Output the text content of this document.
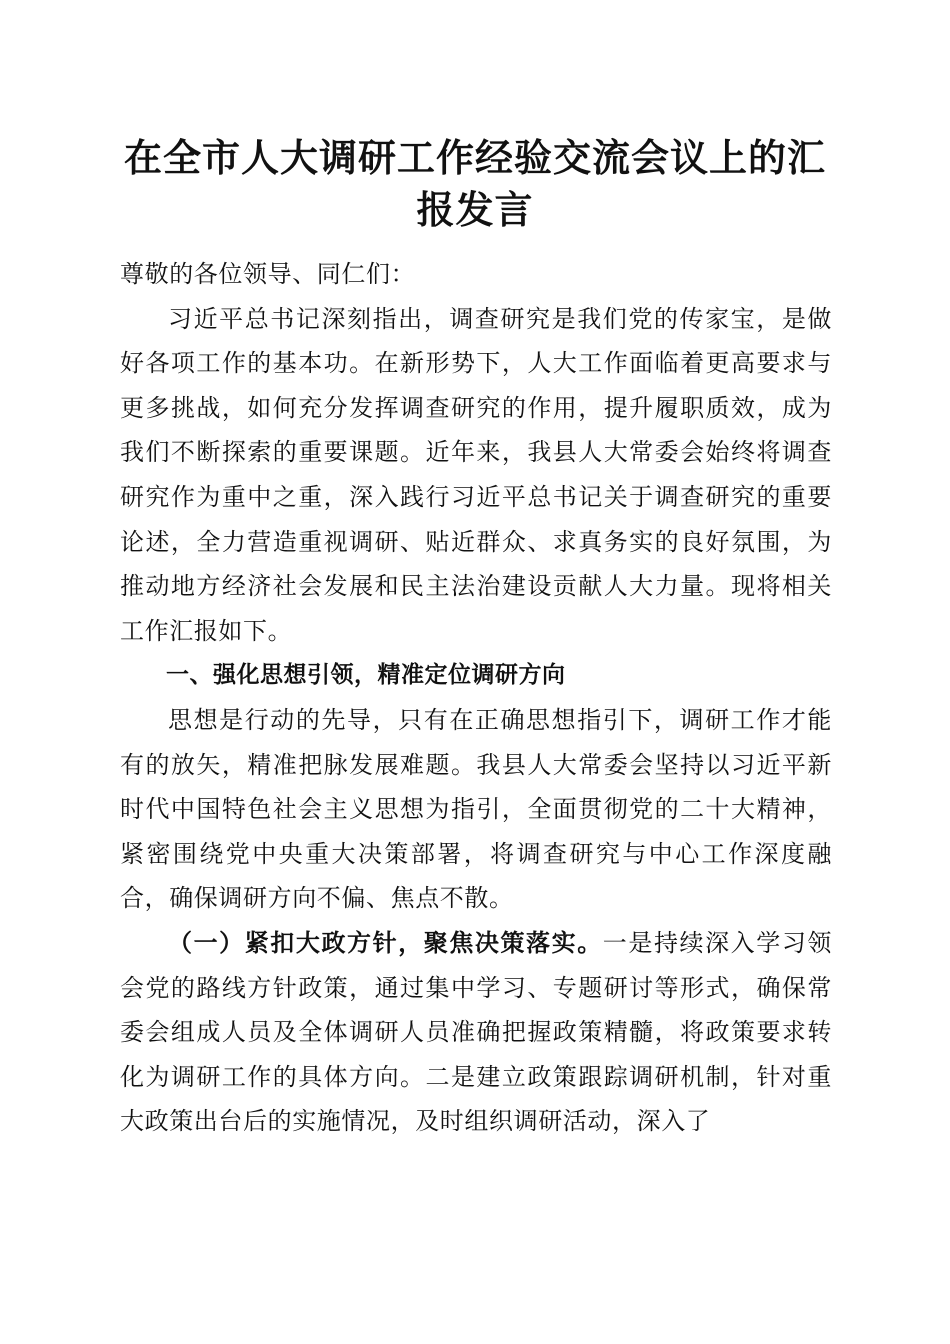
在全市人大调研工作经验交流会议上的汇报发言

尊敬的各位领导、同仁们：

习近平总书记深刻指出，调查研究是我们党的传家宝，是做好各项工作的基本功。在新形势下，人大工作面临着更高要求与更多挑战，如何充分发挥调查研究的作用，提升履职质效，成为我们不断探索的重要课题。近年来，我县人大常委会始终将调查研究作为重中之重，深入践行习近平总书记关于调查研究的重要论述，全力营造重视调研、贴近群众、求真务实的良好氛围，为推动地方经济社会发展和民主法治建设贡献人大力量。现将相关工作汇报如下。

一、强化思想引领，精准定位调研方向

思想是行动的先导，只有在正确思想指引下，调研工作才能有的放矢，精准把脉发展难题。我县人大常委会坚持以习近平新时代中国特色社会主义思想为指引，全面贯彻党的二十大精神，紧密围绕党中央重大决策部署，将调查研究与中心工作深度融合，确保调研方向不偏、焦点不散。

（一）紧扣大政方针，聚焦决策落实。一是持续深入学习领会党的路线方针政策，通过集中学习、专题研讨等形式，确保常委会组成人员及全体调研人员准确把握政策精髓，将政策要求转化为调研工作的具体方向。二是建立政策跟踪调研机制，针对重大政策出台后的实施情况，及时组织调研活动，深入了
